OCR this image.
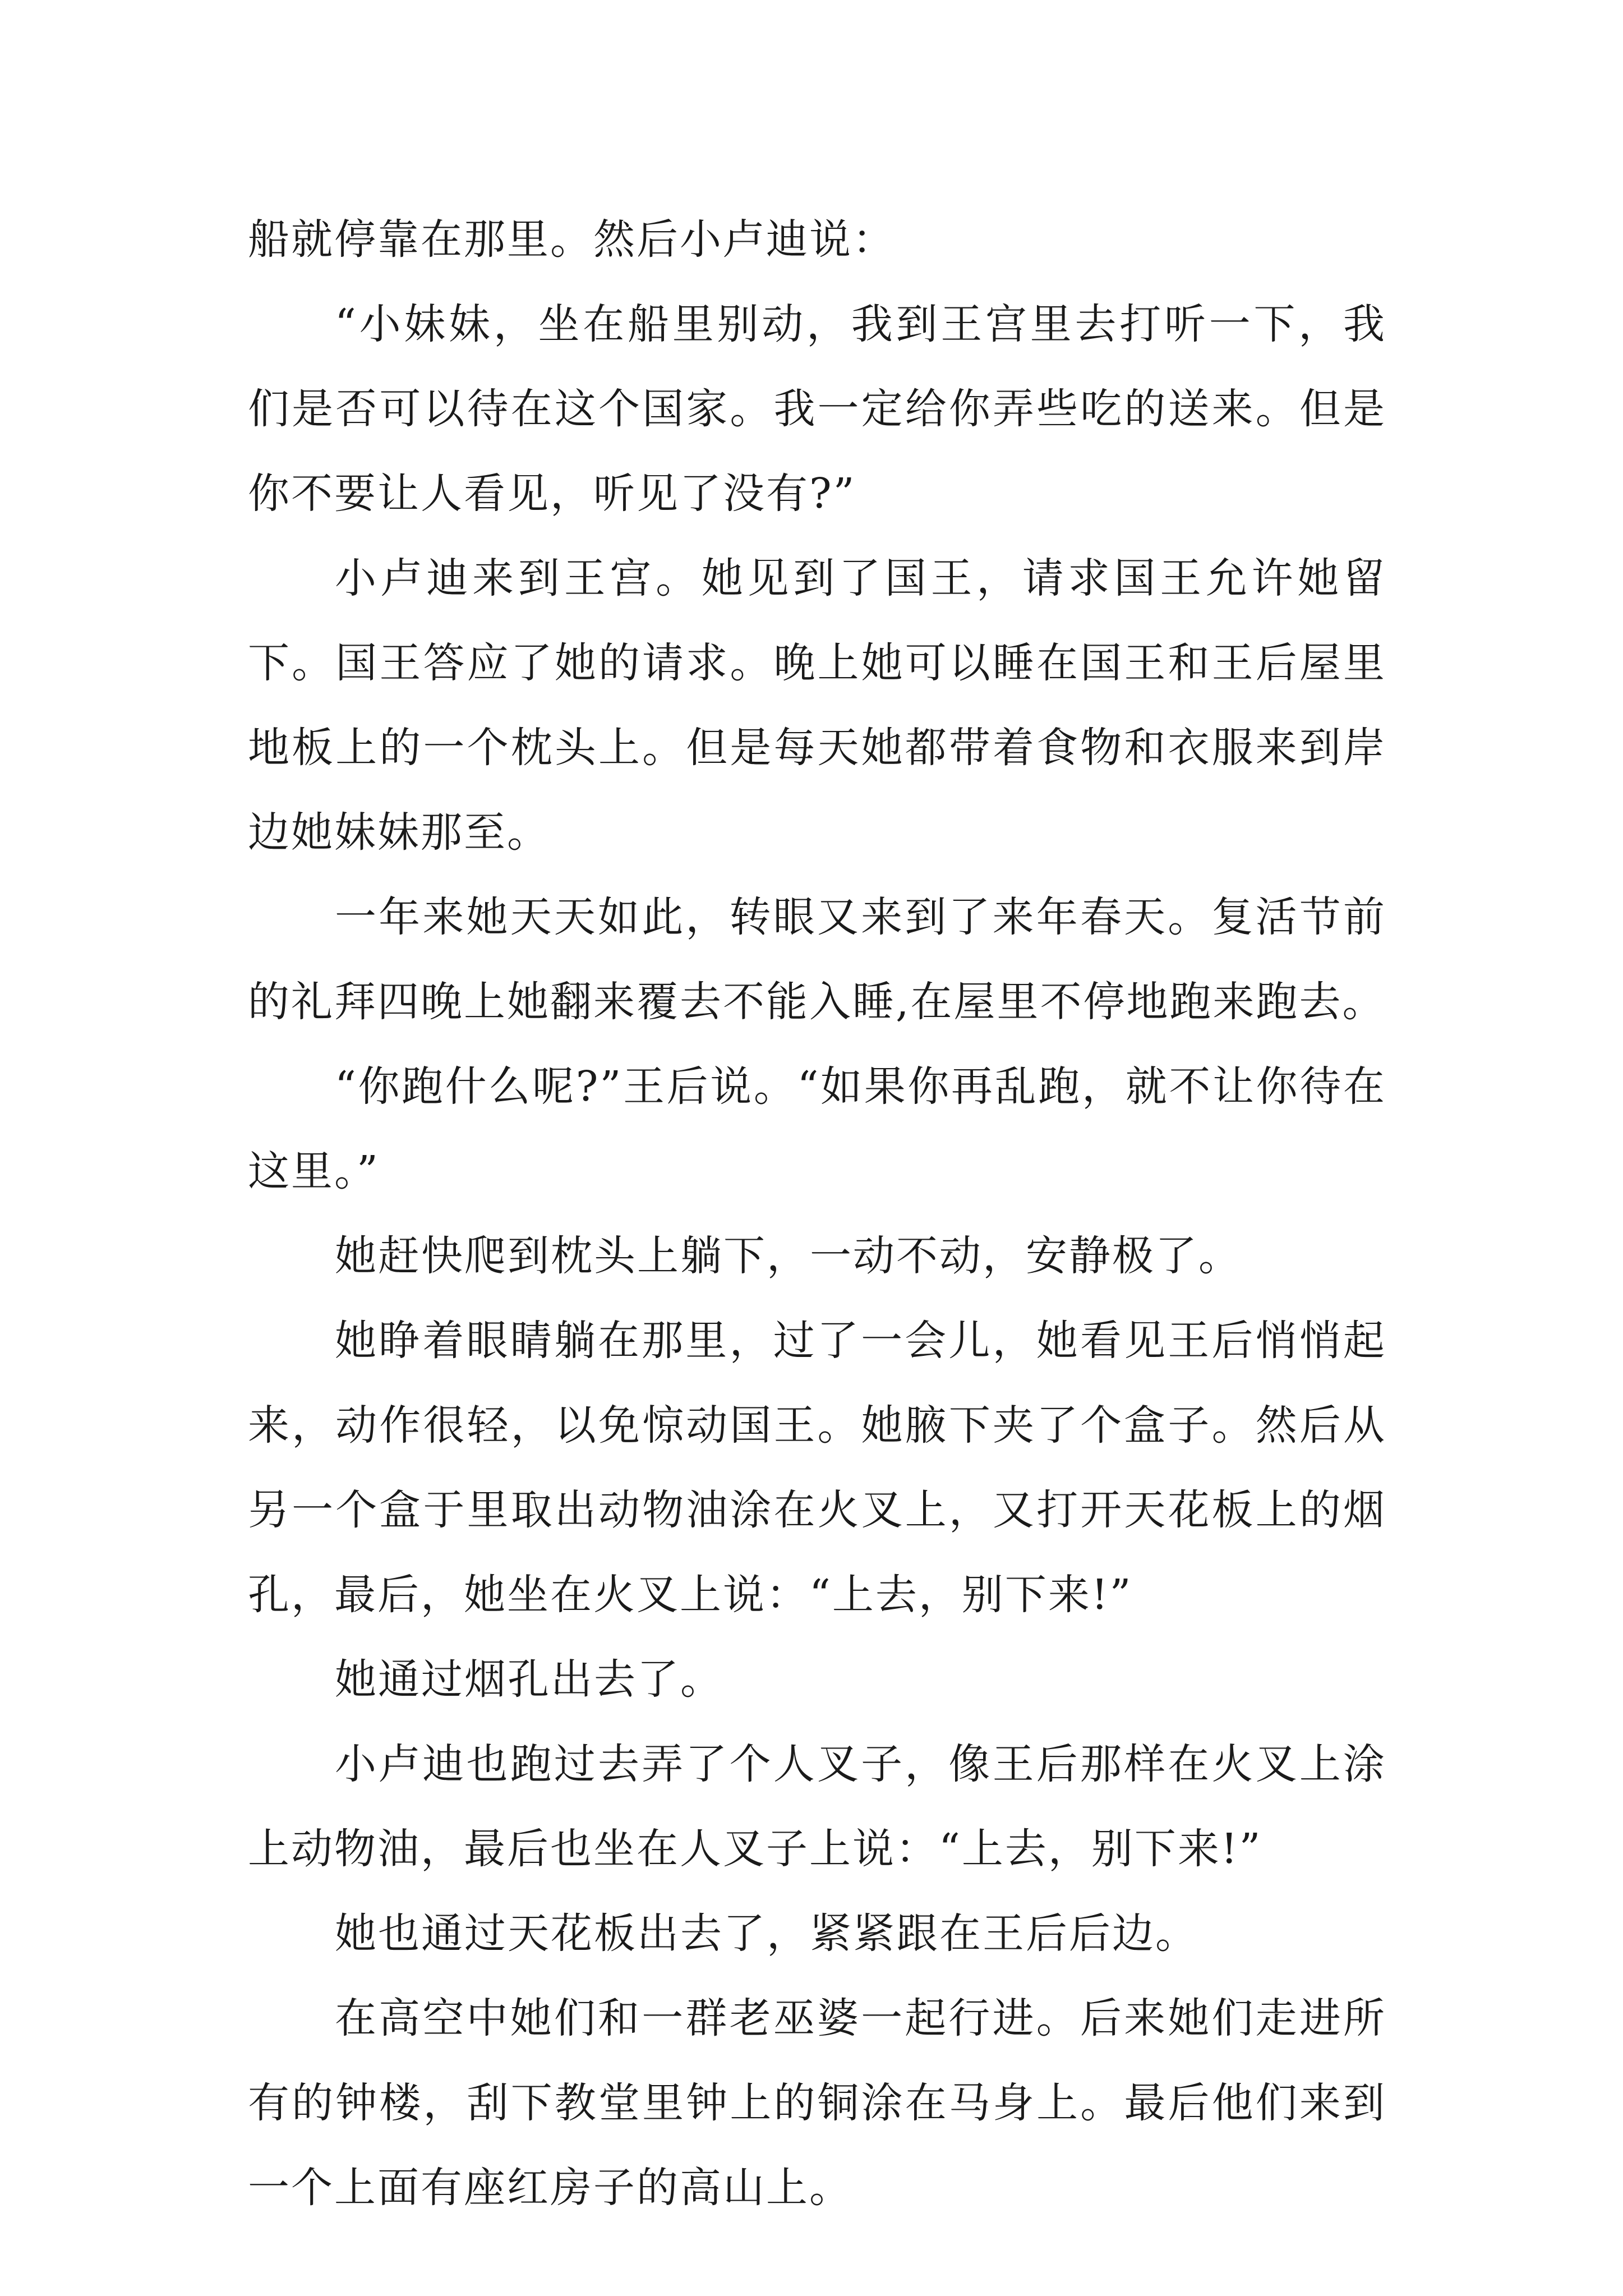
船就停靠在那里。然后小卢迪说：

“小妹妹，坐在船里别动，我到王宫里去打听一下，我们是否可以待在这个国家。我一定给你弄些吃的送来。但是你不要让人看见，听见了没有?”

小卢迪来到王宫。她见到了国王，请求国王允许她留下。国王答应了她的请求。晚上她可以睡在国王和王后屋里地板上的一个枕头上。但是每天她都带着食物和衣服来到岸边她妹妹那至。

一年来她天天如此，转眼又来到了来年春天。复活节前的礼拜四晚上她翻来覆去不能入睡,在屋里不停地跑来跑去。

“你跑什么呢?”王后说。“如果你再乱跑，就不让你待在这里。”

她赶快爬到枕头上躺下，一动不动，安静极了。

她睁着眼睛躺在那里，过了一会儿，她看见王后悄悄起来，动作很轻，以免惊动国王。她腋下夹了个盒子。然后从另一个盒于里取出动物油涂在火叉上，又打开天花板上的烟孔，最后，她坐在火叉上说：“上去，别下来!”

她通过烟孔出去了。

小卢迪也跑过去弄了个人叉子，像王后那样在火叉上涂上动物油，最后也坐在人叉子上说：“上去，别下来!”

她也通过天花板出去了，紧紧跟在王后后边。

在高空中她们和一群老巫婆一起行进。后来她们走进所有的钟楼，刮下教堂里钟上的铜涂在马身上。最后他们来到一个上面有座红房子的高山上。
